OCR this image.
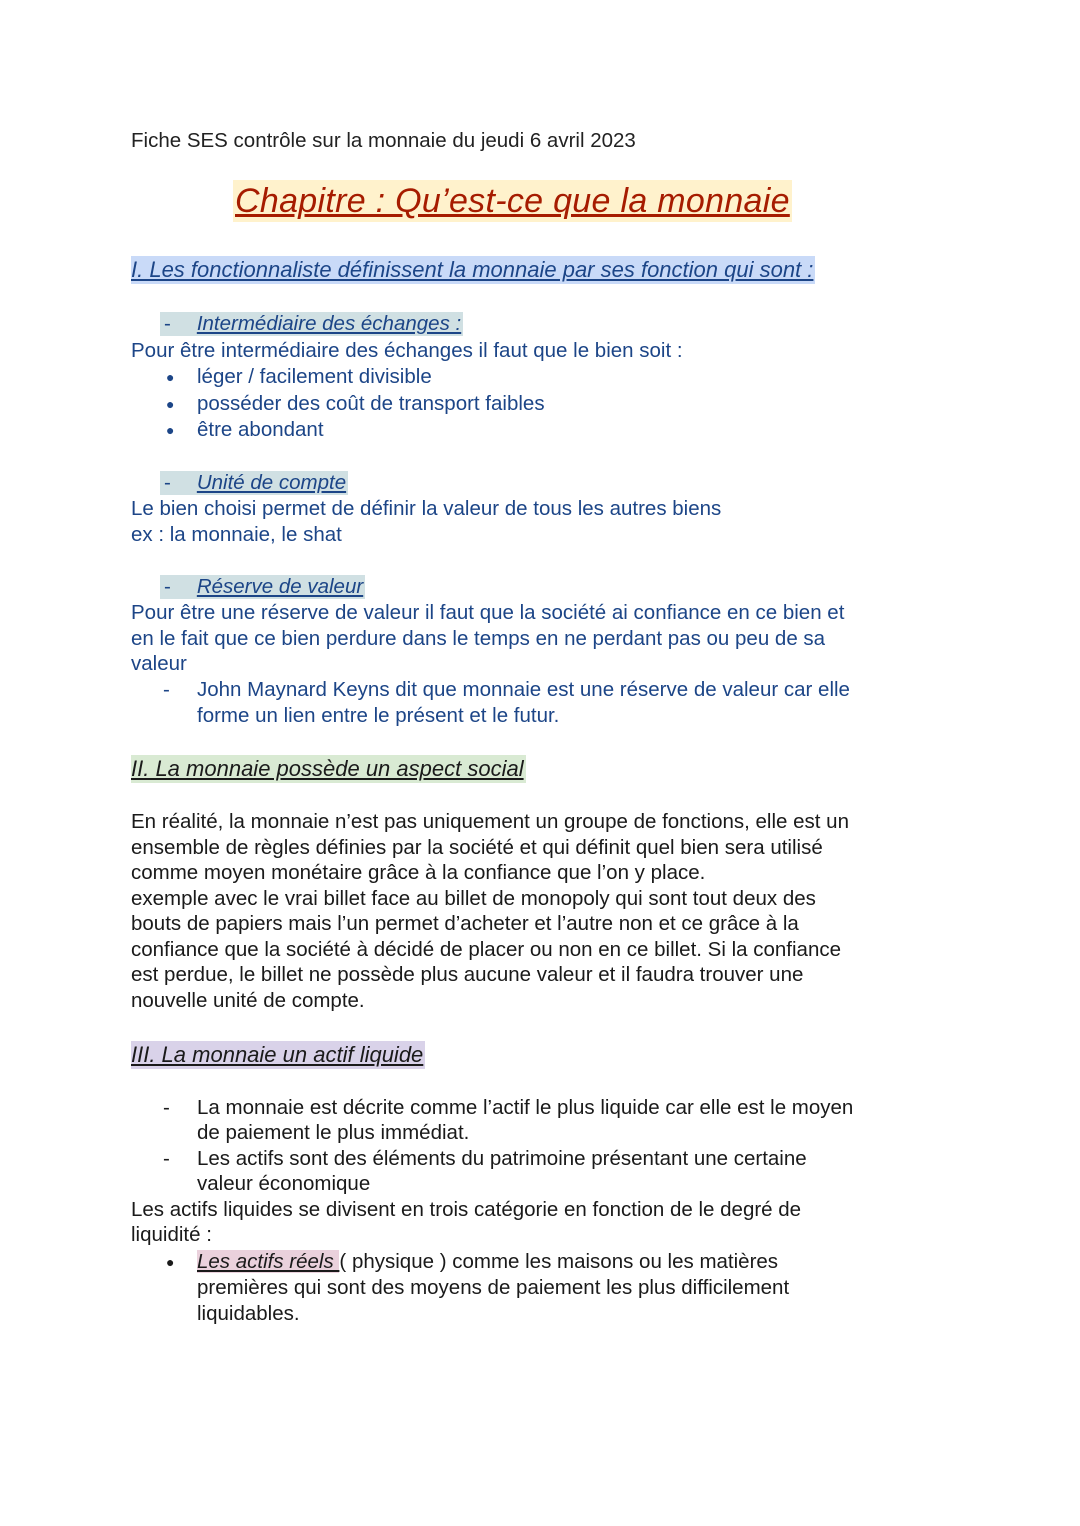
Fiche SES contrôle sur la monnaie du jeudi 6 avril 2023
Chapitre : Qu’est-ce que la monnaie
I. Les fonctionnaliste définissent la monnaie par ses fonction qui sont :
- Intermédiaire des échanges :
Pour être intermédiaire des échanges il faut que le bien soit :
● léger / facilement divisible
● posséder des coût de transport faibles
● être abondant
- Unité de compte
Le bien choisi permet de définir la valeur de tous les autres biens
ex : la monnaie, le shat
- Réserve de valeur
Pour être une réserve de valeur il faut que la société ai confiance en ce bien et
en le fait que ce bien perdure dans le temps en ne perdant pas ou peu de sa
valeur
- John Maynard Keyns dit que monnaie est une réserve de valeur car elle
forme un lien entre le présent et le futur.
II. La monnaie possède un aspect social
En réalité, la monnaie n’est pas uniquement un groupe de fonctions, elle est un
ensemble de règles définies par la société et qui définit quel bien sera utilisé
comme moyen monétaire grâce à la confiance que l’on y place.
exemple avec le vrai billet face au billet de monopoly qui sont tout deux des
bouts de papiers mais l’un permet d’acheter et l’autre non et ce grâce à la
confiance que la société à décidé de placer ou non en ce billet. Si la confiance
est perdue, le billet ne possède plus aucune valeur et il faudra trouver une
nouvelle unité de compte.
III. La monnaie un actif liquide
- La monnaie est décrite comme l’actif le plus liquide car elle est le moyen
de paiement le plus immédiat.
- Les actifs sont des éléments du patrimoine présentant une certaine
valeur économique
Les actifs liquides se divisent en trois catégorie en fonction de le degré de
liquidité :
● Les actifs réels ( physique ) comme les maisons ou les matières
premières qui sont des moyens de paiement les plus difficilement
liquidables.
